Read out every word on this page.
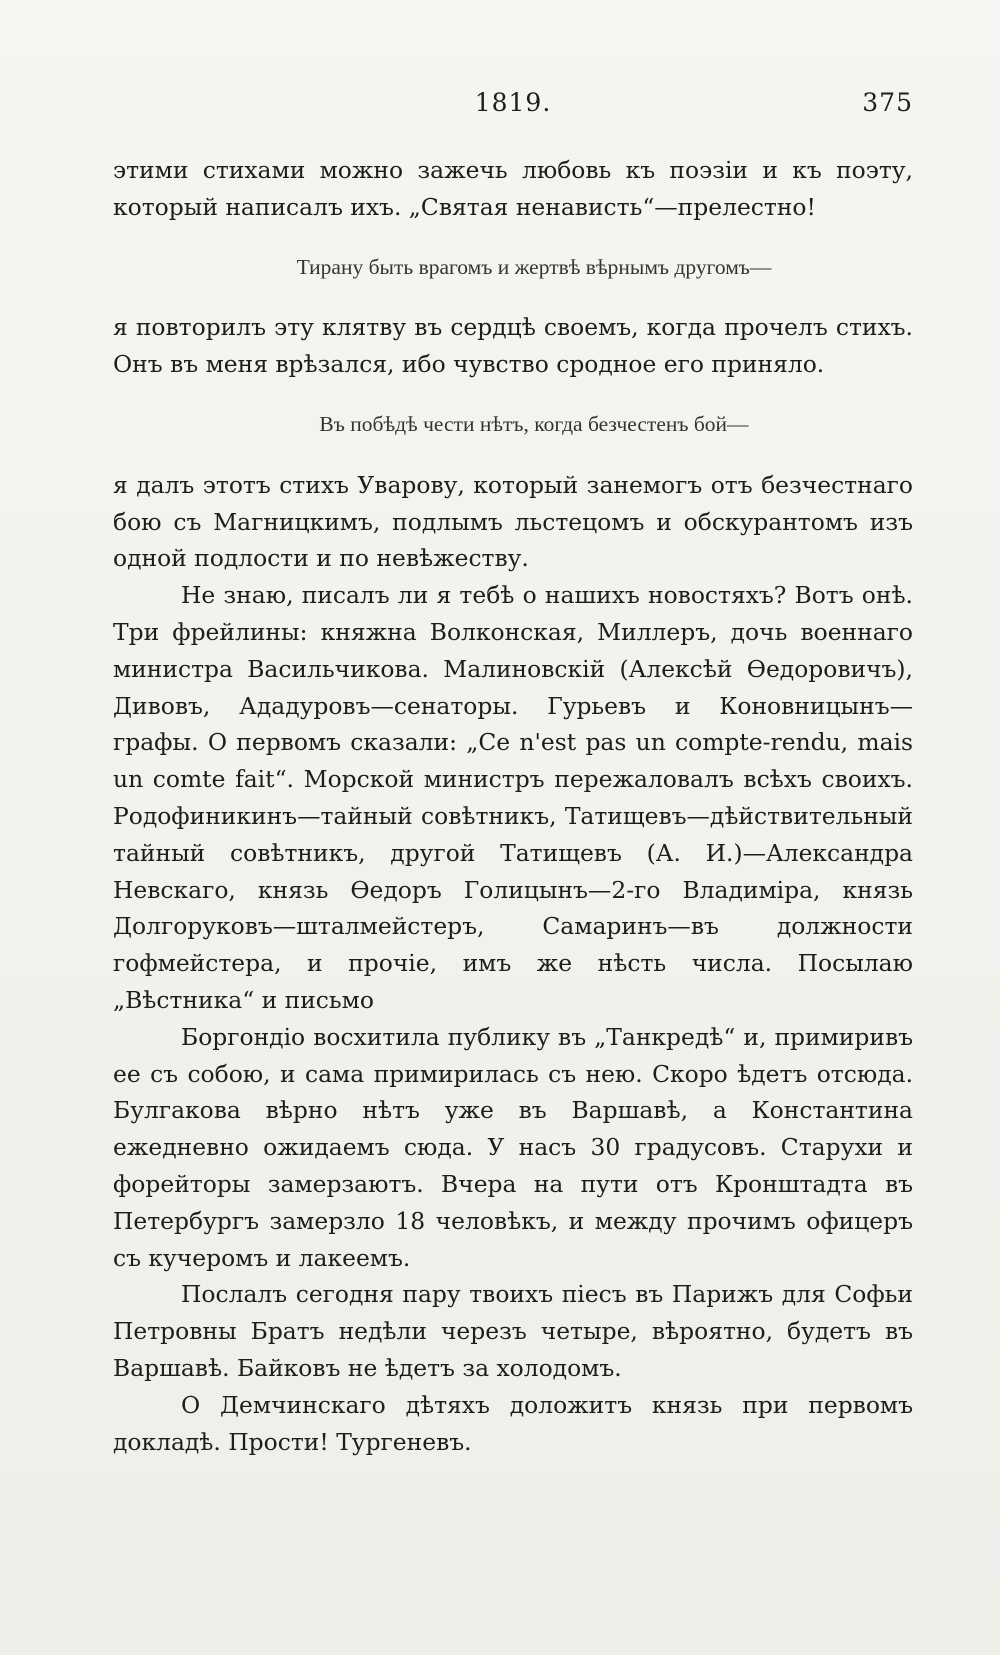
1819.	375

этими стихами можно зажечь любовь къ поэзіи и къ поэту, который написалъ ихъ. „Святая ненависть“—прелестно!

Тирану быть врагомъ и жертвѣ вѣрнымъ другомъ—

я повторилъ эту клятву въ сердцѣ своемъ, когда прочелъ стихъ. Онъ въ меня врѣзался, ибо чувство сродное его приняло.

Въ побѣдѣ чести нѣтъ, когда безчестенъ бой—

я далъ этотъ стихъ Уварову, который занемогъ отъ безчестнаго бою съ Магницкимъ, подлымъ льстецомъ и обскурантомъ изъ одной подлости и по невѣжеству.

Не знаю, писалъ ли я тебѣ о нашихъ новостяхъ? Вотъ онѣ. Три фрейлины: княжна Волконская, Миллеръ, дочь военнаго министра Васильчикова. Малиновскій (Алексѣй Өедоровичъ), Дивовъ, Ададуровъ—сенаторы. Гурьевъ и Коновницынъ—графы. О первомъ сказали: „Ce n'est pas un compte-rendu, mais un comte fait“. Морской министръ пережаловалъ всѣхъ своихъ. Родофиникинъ—тайный совѣтникъ, Татищевъ—дѣйствительный тайный совѣтникъ, другой Татищевъ (А. И.)—Александра Невскаго, князь Өедоръ Голицынъ—2-го Владиміра, князь Долгоруковъ—шталмейстеръ, Самаринъ—въ должности гофмейстера, и прочіе, имъ же нѣсть числа. Посылаю „Вѣстника“ и письмо

Боргондіо восхитила публику въ „Танкредѣ“ и, примиривъ ее съ собою, и сама примирилась съ нею. Скоро ѣдетъ отсюда. Булгакова вѣрно нѣтъ уже въ Варшавѣ, а Константина ежедневно ожидаемъ сюда. У насъ 30 градусовъ. Старухи и форейторы замерзаютъ. Вчера на пути отъ Кронштадта въ Петербургъ замерзло 18 человѣкъ, и между прочимъ офицеръ съ кучеромъ и лакеемъ.

Послалъ сегодня пару твоихъ піесъ въ Парижъ для Софьи Петровны Братъ недѣли черезъ четыре, вѣроятно, будетъ въ Варшавѣ. Байковъ не ѣдетъ за холодомъ.

О Демчинскаго дѣтяхъ доложитъ князь при первомъ докладѣ. Прости! Тургеневъ.
